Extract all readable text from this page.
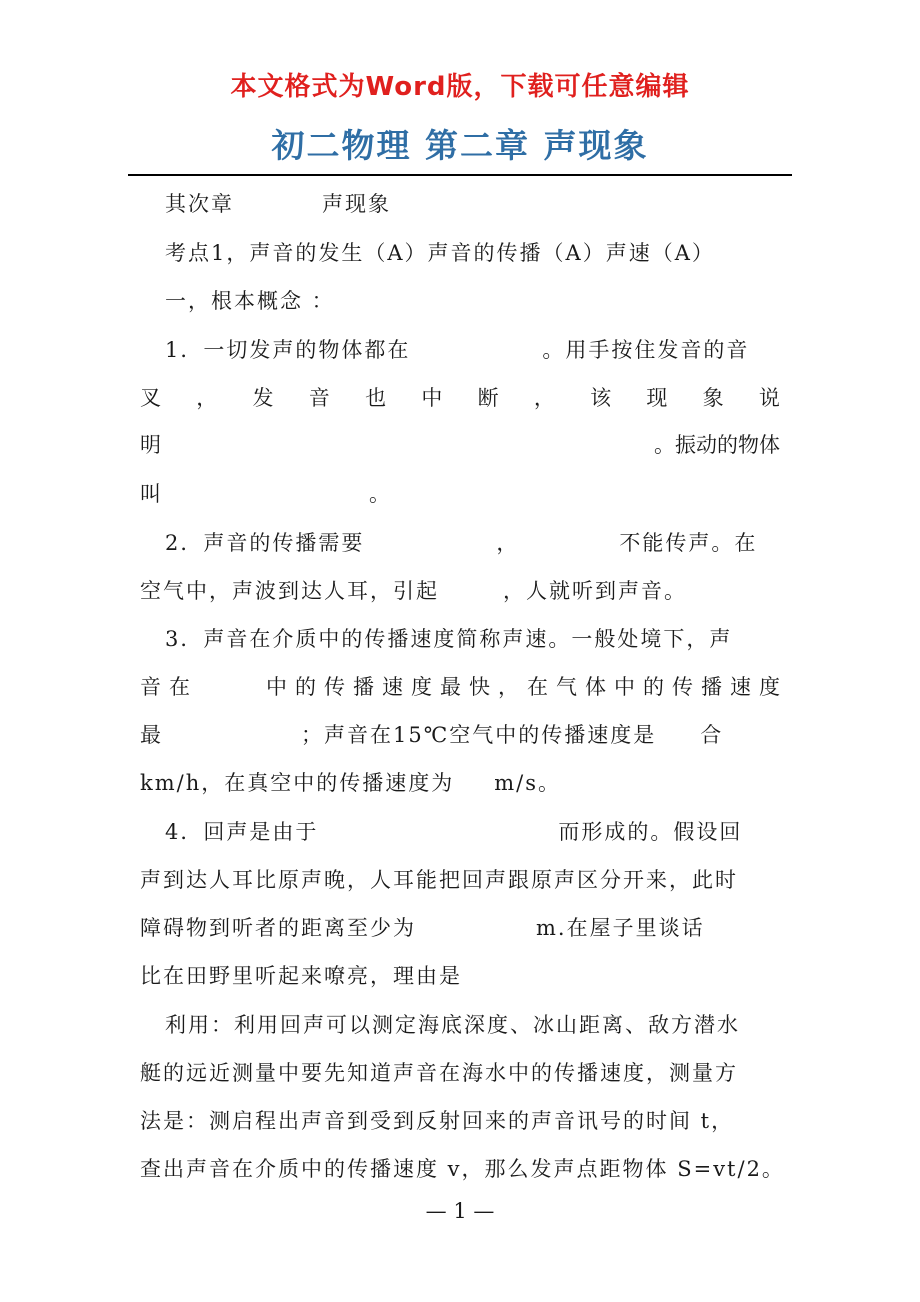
本文格式为Word版，下载可任意编辑
初二物理 第二章 声现象
其次章	声现象
考点1，声音的发生（A）声音的传播（A）声速（A）
一，根本概念 ：
1．一切发声的物体都在	。用手按住发音的音
叉 ， 发 音 也 中 断 ， 该 现 象 说
明	。振动的物体
叫	。
2．声音的传播需要	，	不能传声。在
空气中，声波到达人耳，引起	，人就听到声音。
3．声音在介质中的传播速度简称声速。一般处境下，声
音 在	中 的 传 播 速 度 最 快 ， 在 气 体 中 的 传 播 速 度
最	；声音在15℃空气中的传播速度是 合
km/h，在真空中的传播速度为 m/s。
4．回声是由于	而形成的。假设回
声到达人耳比原声晚，人耳能把回声跟原声区分开来，此时
障碍物到听者的距离至少为	m.在屋子里谈话
比在田野里听起来嘹亮，理由是
利用：利用回声可以测定海底深度、冰山距离、敌方潜水
艇的远近测量中要先知道声音在海水中的传播速度，测量方
法是：测启程出声音到受到反射回来的声音讯号的时间 t，
查出声音在介质中的传播速度 v，那么发声点距物体 S=vt/2。
— 1 —
